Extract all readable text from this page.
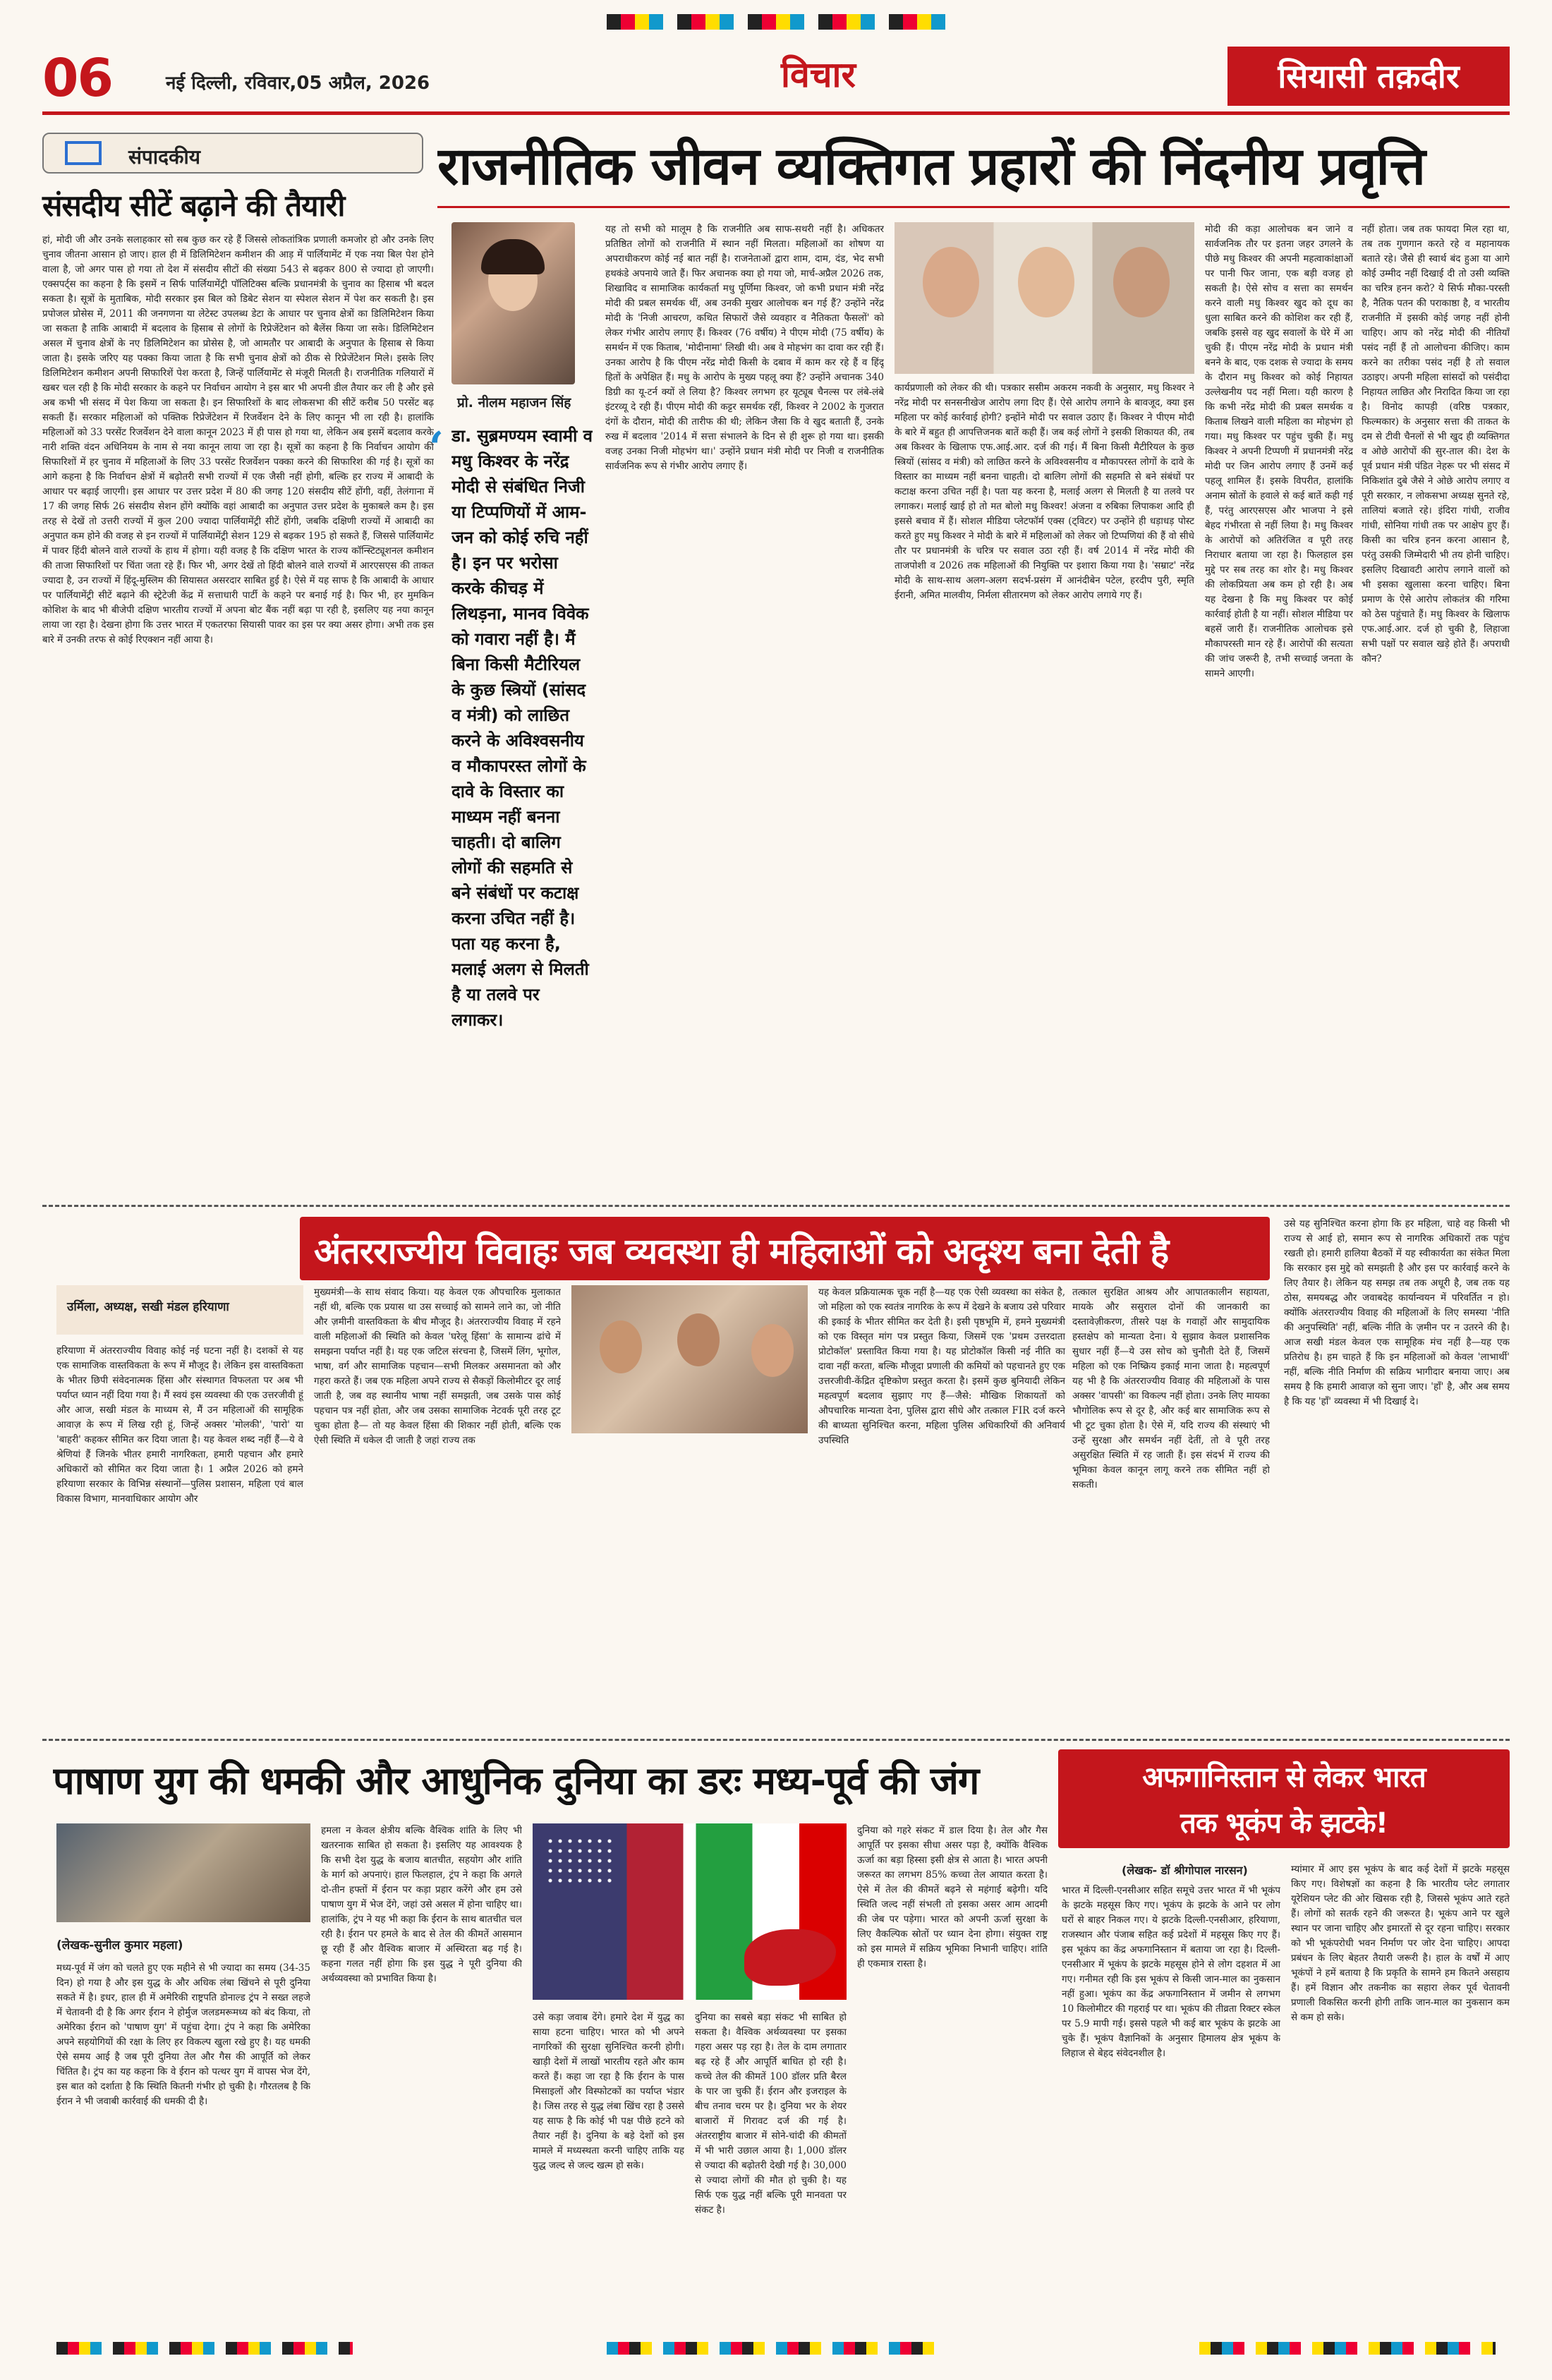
06	नई दिल्ली, रविवार,05 अप्रैल, 2026	विचार	सियासी तक़दीर
संपादकीय
संसदीय सीटें बढ़ाने की तैयारी
हां, मोदी जी और उनके सलाहकार सो सब कुछ कर रहे हैं जिससे लोकतांत्रिक प्रणाली कमजोर हो और उनके लिए चुनाव जीतना आसान हो जाए। हाल ही में डिलिमिटेशन कमीशन की आड़ में पार्लियामेंट में एक नया बिल पेश होने वाला है, जो अगर पास हो गया तो देश में संसदीय सीटों की संख्या 543 से बढ़कर 800 से ज्यादा हो जाएगी। एक्सपर्ट्स का कहना है कि इसमें न सिर्फ पार्लियामेंट्री पॉलिटिक्स बल्कि प्रधानमंत्री के चुनाव का हिसाब भी बदल सकता है। सूत्रों के मुताबिक, मोदी सरकार इस बिल को डिबेट सेशन या स्पेशल सेशन में पेश कर सकती है। इस प्रपोजल प्रोसेस में, 2011 की जनगणना या लेटेस्ट उपलब्ध डेटा के आधार पर चुनाव क्षेत्रों का डिलिमिटेशन किया जा सकता है ताकि आबादी में बदलाव के हिसाब से लोगों के रिप्रेजेंटेशन को बैलेंस किया जा सके। डिलिमिटेशन असल में चुनाव क्षेत्रों के नए डिलिमिटेशन का प्रोसेस है, जो आमतौर पर आबादी के अनुपात के हिसाब से किया जाता है। इसके जरिए यह पक्का किया जाता है कि सभी चुनाव क्षेत्रों को ठीक से रिप्रेजेंटेशन मिले। इसके लिए डिलिमिटेशन कमीशन अपनी सिफारिशें पेश करता है, जिन्हें पार्लियामेंट से मंजूरी मिलती है। राजनीतिक गलियारों में खबर चल रही है कि मोदी सरकार के कहने पर निर्वाचन आयोग ने इस बार भी अपनी डील तैयार कर ली है और इसे अब कभी भी संसद में पेश किया जा सकता है। इन सिफारिशों के बाद लोकसभा की सीटें करीब 50 परसेंट बढ़ सकती हैं। सरकार महिलाओं को पक्तिक रिप्रेजेंटेशन में रिजर्वेशन देने के लिए कानून भी ला रही है। हालांकि महिलाओं को 33 परसेंट रिजर्वेशन देने वाला कानून 2023 में ही पास हो गया था, लेकिन अब इसमें बदलाव करके नारी शक्ति वंदन अधिनियम के नाम से नया कानून लाया जा रहा है। सूत्रों का कहना है कि निर्वाचन आयोग की सिफारिशों में हर चुनाव में महिलाओं के लिए 33 परसेंट रिजर्वेशन पक्का करने की सिफारिश की गई है। सूत्रों का आगे कहना है कि निर्वाचन क्षेत्रों में बढ़ोतरी सभी राज्यों में एक जैसी नहीं होगी, बल्कि हर राज्य में आबादी के आधार पर बढ़ाई जाएगी। इस आधार पर उत्तर प्रदेश में 80 की जगह 120 संसदीय सीटें होंगी, वहीं, तेलंगाना में 17 की जगह सिर्फ 26 संसदीय सेशन होंगे क्योंकि वहां आबादी का अनुपात उत्तर प्रदेश के मुकाबले कम है। इस तरह से देखें तो उत्तरी राज्यों में कुल 200 ज्यादा पार्लियामेंट्री सीटें होंगी, जबकि दक्षिणी राज्यों में आबादी का अनुपात कम होने की वजह से इन राज्यों में पार्लियामेंट्री सेशन 129 से बढ़कर 195 हो सकते हैं, जिससे पार्लियामेंट में पावर हिंदी बोलने वाले राज्यों के हाथ में होगा। यही वजह है कि दक्षिण भारत के राज्य कॉन्स्टिट्यूशनल कमीशन की ताजा सिफारिशों पर चिंता जता रहे हैं। फिर भी, अगर देखें तो हिंदी बोलने वाले राज्यों में आरएसएस की ताकत ज्यादा है, उन राज्यों में हिंदू-मुस्लिम की सियासत असरदार साबित हुई है। ऐसे में यह साफ है कि आबादी के आधार पर पार्लियामेंट्री सीटें बढ़ाने की स्ट्रेटेजी केंद्र में सत्ताधारी पार्टी के कहने पर बनाई गई है। फिर भी, हर मुमकिन कोशिश के बाद भी बीजेपी दक्षिण भारतीय राज्यों में अपना बोट बैंक नहीं बढ़ा पा रही है, इसलिए यह नया कानून लाया जा रहा है। देखना होगा कि उत्तर भारत में एकतरफा सियासी पावर का इस पर क्या असर होगा। अभी तक इस बारे में उनकी तरफ से कोई रिएक्शन नहीं आया है।
राजनीतिक जीवन व्यक्तिगत प्रहारों की निंदनीय प्रवृत्ति
प्रो. नीलम महाजन सिंह
‘ डा. सुब्रमण्यम स्वामी व मधु किश्वर के नरेंद्र मोदी से संबंधित निजी या टिप्पणियों में आम-जन को कोई रुचि नहीं है। इन पर भरोसा करके कीचड़ में लिथड़ना, मानव विवेक को गवारा नहीं है। मैं बिना किसी मैटीरियल के कुछ स्त्रियों (सांसद व मंत्री) को लाछित करने के अविश्वसनीय व मौकापरस्त लोगों के दावे के विस्तार का माध्यम नहीं बनना चाहती। दो बालिग लोगों की सहमति से बने संबंधों पर कटाक्ष करना उचित नहीं है। पता यह करना है, मलाई अलग से मिलती है या तलवे पर लगाकर।
यह तो सभी को मालूम है कि राजनीति अब साफ-सथरी नहीं है। अधिकतर प्रतिष्ठित लोगों को राजनीति में स्थान नहीं मिलता। महिलाओं का शोषण या अपराधीकरण कोई नई बात नहीं है। राजनेताओं द्वारा शाम, दाम, दंड, भेद सभी हथकंडे अपनाये जाते हैं। फिर अचानक क्या हो गया जो, मार्च-अप्रैल 2026 तक, शिखाविद व सामाजिक कार्यकर्ता मधु पूर्णिमा किश्वर, जो कभी प्रधान मंत्री नरेंद्र मोदी की प्रबल समर्थक थीं, अब उनकी मुखर आलोचक बन गई हैं? उन्होंने नरेंद्र मोदी के 'निजी आचरण, कथित सिफारों जैसे व्यवहार व नैतिकता फैसलों' को लेकर गंभीर आरोप लगाए हैं। किश्वर (76 वर्षीय) ने पीएम मोदी (75 वर्षीय) के समर्थन में एक किताब, 'मोदीनामा' लिखी थी। अब वे मोहभंग का दावा कर रही हैं। उनका आरोप है कि पीएम नरेंद्र मोदी किसी के दबाव में काम कर रहे हैं व हिंदू हितों के अपेक्षित हैं। मधु के आरोप के मुख्य पहलू क्या हैं? उन्होंने अचानक 340 डिग्री का यू-टर्न क्यों ले लिया है? किश्वर लगभग हर यूट्यूब चैनल्स पर लंबे-लंबे इंटरव्यू दे रही हैं। पीएम मोदी की कट्टर समर्थक रहीं, किश्वर ने 2002 के गुजरात दंगों के दौरान, मोदी की तारीफ की थी; लेकिन जैसा कि वे खुद बताती हैं, उनके रुख में बदलाव '2014 में सत्ता संभालने के दिन से ही शुरू हो गया था। इसकी वजह उनका निजी मोहभंग था।' उन्होंने प्रधान मंत्री मोदी पर निजी व राजनीतिक सार्वजनिक रूप से गंभीर आरोप लगाए हैं।
कार्यप्रणाली को लेकर की थी। पत्रकार ससीम अकरम नकवी के अनुसार, मधु किश्वर ने नरेंद्र मोदी पर सनसनीखेज आरोप लगा दिए हैं। ऐसे आरोप लगाने के बावजूद, क्या इस महिला पर कोई कार्रवाई होगी? इन्होंने मोदी पर सवाल उठाए हैं। किश्वर ने पीएम मोदी के बारे में बहुत ही आपत्तिजनक बातें कही हैं। जब कई लोगों ने इसकी शिकायत की, तब अब किश्वर के खिलाफ एफ.आई.आर. दर्ज की गई। मैं बिना किसी मैटीरियल के कुछ स्त्रियों (सांसद व मंत्री) को लाछित करने के अविश्वसनीय व मौकापरस्त लोगों के दावे के विस्तार का माध्यम नहीं बनना चाहती। दो बालिग लोगों की सहमति से बने संबंधों पर कटाक्ष करना उचित नहीं है। पता यह करना है, मलाई अलग से मिलती है या तलवे पर लगाकर। मलाई खाई हो तो मत बोलो मधु किश्वर! अंजना व रुबिका लिपाकश आदि ही इससे बचाव में हैं। सोशल मीडिया प्लेटफॉर्म एक्स (ट्विटर) पर उन्होंने ही धड़ाधड़ पोस्ट करते हुए मधु किश्वर ने मोदी के बारे में महिलाओं को लेकर जो टिप्पणियां की हैं वो सीधे तौर पर प्रधानमंत्री के चरित्र पर सवाल उठा रही हैं। वर्ष 2014 में नरेंद्र मोदी की ताजपोशी व 2026 तक महिलाओं की नियुक्ति पर इशारा किया गया है। 'सम्राट' नरेंद्र मोदी के साथ-साथ अलग-अलग सदर्भ-प्रसंग में आनंदीबेन पटेल, हरदीप पुरी, स्मृति ईरानी, अमित मालवीय, निर्मला सीतारमण को लेकर आरोप लगाये गए हैं।
मोदी की कड़ा आलोचक बन जाने व सार्वजनिक तौर पर इतना जहर उगलने के पीछे मधु किश्वर की अपनी महत्वाकांक्षाओं पर पानी फिर जाना, एक बड़ी वजह हो सकती है। ऐसे सोच व सत्ता का समर्थन करने वाली मधु किश्वर खुद को दूध का धुला साबित करने की कोशिश कर रही हैं, जबकि इससे वह खुद सवालों के घेरे में आ चुकी हैं। पीएम नरेंद्र मोदी के प्रधान मंत्री बनने के बाद, एक दशक से ज्यादा के समय के दौरान मधु किश्वर को कोई निहायत उल्लेखनीय पद नहीं मिला। यही कारण है कि कभी नरेंद्र मोदी की प्रबल समर्थक व किताब लिखने वाली महिला का मोहभंग हो गया। मधु किश्वर पर पहुंच चुकी हैं। मधु किश्वर ने अपनी टिप्पणी में प्रधानमंत्री नरेंद्र मोदी पर जिन आरोप लगाए हैं उनमें कई पहलू शामिल हैं। इसके विपरीत, हालांकि अनाम स्रोतों के हवाले से कई बातें कही गई हैं, परंतु आरएसएस और भाजपा ने इसे बेहद गंभीरता से नहीं लिया है। मधु किश्वर के आरोपों को अतिरंजित व पूरी तरह निराधार बताया जा रहा है। फिलहाल इस मुद्दे पर सब तरह का शोर है। मधु किश्वर की लोकप्रियता अब कम हो रही है। अब यह देखना है कि मधु किश्वर पर कोई कार्रवाई होती है या नहीं। सोशल मीडिया पर बहसें जारी हैं। राजनीतिक आलोचक इसे मौकापरस्ती मान रहे हैं। आरोपों की सत्यता की जांच जरूरी है, तभी सच्चाई जनता के सामने आएगी।
नहीं होता। जब तक फायदा मिल रहा था, तब तक गुणगान करते रहे व महानायक बताते रहे। जैसे ही स्वार्थ बंद हुआ या आगे कोई उम्मीद नहीं दिखाई दी तो उसी व्यक्ति का चरित्र हनन करो? ये सिर्फ मौका-परस्ती है, नैतिक पतन की पराकाष्ठा है, व भारतीय राजनीति में इसकी कोई जगह नहीं होनी चाहिए। आप को नरेंद्र मोदी की नीतियाँ पसंद नहीं हैं तो आलोचना कीजिए। काम करने का तरीका पसंद नहीं है तो सवाल उठाइए। अपनी महिला सांसदों को पसंदीदा निहायत लाछित और निरादित किया जा रहा है। विनोद कापड़ी (वरिष्ठ पत्रकार, फिल्मकार) के अनुसार सत्ता की ताकत के दम से टीवी चैनलों से भी खुद ही व्यक्तिगत व ओछे आरोपों की सुर-ताल की। देश के पूर्व प्रधान मंत्री पंडित नेहरू पर भी संसद में निकिशांत दुबे जैसे ने ओछे आरोप लगाए व पूरी सरकार, न लोकसभा अध्यक्ष सुनते रहे, तालियां बजाते रहे। इंदिरा गांधी, राजीव गांधी, सोनिया गांधी तक पर आक्षेप हुए हैं। किसी का चरित्र हनन करना आसान है, परंतु उसकी जिम्मेदारी भी तय होनी चाहिए। इसलिए दिखावटी आरोप लगाने वालों को भी इसका खुलासा करना चाहिए। बिना प्रमाण के ऐसे आरोप लोकतंत्र की गरिमा को ठेस पहुंचाते हैं। मधु किश्वर के खिलाफ एफ.आई.आर. दर्ज हो चुकी है, लिहाजा सभी पक्षों पर सवाल खड़े होते हैं। अपराधी कौन?
अंतरराज्यीय विवाहः जब व्यवस्था ही महिलाओं को अदृश्य बना देती है
उर्मिला, अध्यक्ष, सखी मंडल हरियाणा
हरियाणा में अंतरराज्यीय विवाह कोई नई घटना नहीं है। दशकों से यह एक सामाजिक वास्तविकता के रूप में मौजूद है। लेकिन इस वास्तविकता के भीतर छिपी संवेदनात्मक हिंसा और संस्थागत विफलता पर अब भी पर्याप्त ध्यान नहीं दिया गया है। मैं स्वयं इस व्यवस्था की एक उत्तरजीवी हूं और आज, सखी मंडल के माध्यम से, मैं उन महिलाओं की सामूहिक आवाज़ के रूप में लिख रही हूं, जिन्हें अक्सर 'मोलकी', 'पारो' या 'बाहरी' कहकर सीमित कर दिया जाता है। यह केवल शब्द नहीं हैं—ये वे श्रेणियां हैं जिनके भीतर हमारी नागरिकता, हमारी पहचान और हमारे अधिकारों को सीमित कर दिया जाता है। 1 अप्रैल 2026 को हमने हरियाणा सरकार के विभिन्न संस्थानों—पुलिस प्रशासन, महिला एवं बाल विकास विभाग, मानवाधिकार आयोग और
मुख्यमंत्री—के साथ संवाद किया। यह केवल एक औपचारिक मुलाकात नहीं थी, बल्कि एक प्रयास था उस सच्चाई को सामने लाने का, जो नीति और ज़मीनी वास्तविकता के बीच मौजूद है। अंतरराज्यीय विवाह में रहने वाली महिलाओं की स्थिति को केवल 'घरेलू हिंसा' के सामान्य ढांचे में समझना पर्याप्त नहीं है। यह एक जटिल संरचना है, जिसमें लिंग, भूगोल, भाषा, वर्ग और सामाजिक पहचान—सभी मिलकर असमानता को और गहरा करते हैं। जब एक महिला अपने राज्य से सैकड़ों किलोमीटर दूर लाई जाती है, जब वह स्थानीय भाषा नहीं समझती, जब उसके पास कोई पहचान पत्र नहीं होता, और जब उसका सामाजिक नेटवर्क पूरी तरह टूट चुका होता है— तो यह केवल हिंसा की शिकार नहीं होती, बल्कि एक ऐसी स्थिति में धकेल दी जाती है जहां राज्य तक
यह केवल प्रक्रियात्मक चूक नहीं है—यह एक ऐसी व्यवस्था का संकेत है, जो महिला को एक स्वतंत्र नागरिक के रूप में देखने के बजाय उसे परिवार की इकाई के भीतर सीमित कर देती है। इसी पृष्ठभूमि में, हमने मुख्यमंत्री को एक विस्तृत मांग पत्र प्रस्तुत किया, जिसमें एक 'प्रथम उत्तरदाता प्रोटोकॉल' प्रस्तावित किया गया है। यह प्रोटोकॉल किसी नई नीति का दावा नहीं करता, बल्कि मौजूदा प्रणाली की कमियों को पहचानते हुए एक उत्तरजीवी-केंद्रित दृष्टिकोण प्रस्तुत करता है। इसमें कुछ बुनियादी लेकिन महत्वपूर्ण बदलाव सुझाए गए हैं—जैसे: मौखिक शिकायतों को औपचारिक मान्यता देना, पुलिस द्वारा सीधे और तत्काल FIR दर्ज करने की बाध्यता सुनिश्चित करना, महिला पुलिस अधिकारियों की अनिवार्य उपस्थिति
तत्काल सुरक्षित आश्रय और आपातकालीन सहायता, मायके और ससुराल दोनों की जानकारी का दस्तावेज़ीकरण, तीसरे पक्ष के गवाहों और सामुदायिक हस्तक्षेप को मान्यता देना। ये सुझाव केवल प्रशासनिक सुधार नहीं हैं—ये उस सोच को चुनौती देते हैं, जिसमें महिला को एक निष्क्रिय इकाई माना जाता है। महत्वपूर्ण यह भी है कि अंतरराज्यीय विवाह की महिलाओं के पास अक्सर 'वापसी' का विकल्प नहीं होता। उनके लिए मायका भौगोलिक रूप से दूर है, और कई बार सामाजिक रूप से भी टूट चुका होता है। ऐसे में, यदि राज्य की संस्थाएं भी उन्हें सुरक्षा और समर्थन नहीं देतीं, तो वे पूरी तरह असुरक्षित स्थिति में रह जाती हैं। इस संदर्भ में राज्य की भूमिका केवल कानून लागू करने तक सीमित नहीं हो सकती।
उसे यह सुनिश्चित करना होगा कि हर महिला, चाहे वह किसी भी राज्य से आई हो, समान रूप से नागरिक अधिकारों तक पहुंच रखती हो। हमारी हालिया बैठकों में यह स्वीकार्यता का संकेत मिला कि सरकार इस मुद्दे को समझती है और इस पर कार्रवाई करने के लिए तैयार है। लेकिन यह समझ तब तक अधूरी है, जब तक यह ठोस, समयबद्ध और जवाबदेह कार्यान्वयन में परिवर्तित न हो। क्योंकि अंतरराज्यीय विवाह की महिलाओं के लिए समस्या 'नीति की अनुपस्थिति' नहीं, बल्कि नीति के ज़मीन पर न उतरने की है। आज सखी मंडल केवल एक सामूहिक मंच नहीं है—यह एक प्रतिरोध है। हम चाहते हैं कि इन महिलाओं को केवल 'लाभार्थी' नहीं, बल्कि नीति निर्माण की सक्रिय भागीदार बनाया जाए। अब समय है कि हमारी आवाज़ को सुना जाए। 'हाँ' है, और अब समय है कि यह 'हाँ' व्यवस्था में भी दिखाई दे।
पाषाण युग की धमकी और आधुनिक दुनिया का डरः मध्य-पूर्व की जंग
(लेखक-सुनील कुमार महला)
मध्य-पूर्व में जंग को चलते हुए एक महीने से भी ज्यादा का समय (34-35 दिन) हो गया है और इस युद्ध के और अधिक लंबा खिंचने से पूरी दुनिया सकते में है। इधर, हाल ही में अमेरिकी राष्ट्रपति डोनाल्ड ट्रंप ने सख्त लहजे में चेतावनी दी है कि अगर ईरान ने होर्मुज जलडमरूमध्य को बंद किया, तो अमेरिका ईरान को 'पाषाण युग' में पहुंचा देगा। ट्रंप ने कहा कि अमेरिका अपने सहयोगियों की रक्षा के लिए हर विकल्प खुला रखे हुए है। यह धमकी ऐसे समय आई है जब पूरी दुनिया तेल और गैस की आपूर्ति को लेकर चिंतित है। ट्रंप का यह कहना कि वे ईरान को पत्थर युग में वापस भेज देंगे, इस बात को दर्शाता है कि स्थिति कितनी गंभीर हो चुकी है। गौरतलब है कि ईरान ने भी जवाबी कार्रवाई की धमकी दी है।
हमला न केवल क्षेत्रीय बल्कि वैश्विक शांति के लिए भी खतरनाक साबित हो सकता है। इसलिए यह आवश्यक है कि सभी देश युद्ध के बजाय बातचीत, सहयोग और शांति के मार्ग को अपनाएं। हाल फिलहाल, ट्रंप ने कहा कि अगले दो-तीन हफ्तों में ईरान पर कड़ा प्रहार करेंगे और हम उसे पाषाण युग में भेज देंगे, जहां उसे असल में होना चाहिए था। हालांकि, ट्रंप ने यह भी कहा कि ईरान के साथ बातचीत चल रही है। ईरान पर हमले के बाद से तेल की कीमतें आसमान छू रही हैं और वैश्विक बाजार में अस्थिरता बढ़ गई है। कहना गलत नहीं होगा कि इस युद्ध ने पूरी दुनिया की अर्थव्यवस्था को प्रभावित किया है।
उसे कड़ा जवाब देंगे। हमारे देश में युद्ध का साया हटना चाहिए। भारत को भी अपने नागरिकों की सुरक्षा सुनिश्चित करनी होगी। खाड़ी देशों में लाखों भारतीय रहते और काम करते हैं। कहा जा रहा है कि ईरान के पास मिसाइलों और विस्फोटकों का पर्याप्त भंडार है। जिस तरह से युद्ध लंबा खिंच रहा है उससे यह साफ है कि कोई भी पक्ष पीछे हटने को तैयार नहीं है। दुनिया के बड़े देशों को इस मामले में मध्यस्थता करनी चाहिए ताकि यह युद्ध जल्द से जल्द खत्म हो सके।
दुनिया का सबसे बड़ा संकट भी साबित हो सकता है। वैश्विक अर्थव्यवस्था पर इसका गहरा असर पड़ रहा है। तेल के दाम लगातार बढ़ रहे हैं और आपूर्ति बाधित हो रही है। कच्चे तेल की कीमतें 100 डॉलर प्रति बैरल के पार जा चुकी हैं। ईरान और इजराइल के बीच तनाव चरम पर है। दुनिया भर के शेयर बाजारों में गिरावट दर्ज की गई है। अंतरराष्ट्रीय बाजार में सोने-चांदी की कीमतों में भी भारी उछाल आया है। 1,000 डॉलर से ज्यादा की बढ़ोतरी देखी गई है। 30,000 से ज्यादा लोगों की मौत हो चुकी है। यह सिर्फ एक युद्ध नहीं बल्कि पूरी मानवता पर संकट है।
दुनिया को गहरे संकट में डाल दिया है। तेल और गैस आपूर्ति पर इसका सीधा असर पड़ा है, क्योंकि वैश्विक ऊर्जा का बड़ा हिस्सा इसी क्षेत्र से आता है। भारत अपनी जरूरत का लगभग 85% कच्चा तेल आयात करता है। ऐसे में तेल की कीमतें बढ़ने से महंगाई बढ़ेगी। यदि स्थिति जल्द नहीं संभली तो इसका असर आम आदमी की जेब पर पड़ेगा। भारत को अपनी ऊर्जा सुरक्षा के लिए वैकल्पिक स्रोतों पर ध्यान देना होगा। संयुक्त राष्ट्र को इस मामले में सक्रिय भूमिका निभानी चाहिए। शांति ही एकमात्र रास्ता है।
अफगानिस्तान से लेकर भारत
तक भूकंप के झटके!
(लेखक- डॉ श्रीगोपाल नारसन)
भारत में दिल्ली-एनसीआर सहित समूचे उत्तर भारत में भी भूकंप के झटके महसूस किए गए। भूकंप के झटके के आने पर लोग घरों से बाहर निकल गए। ये झटके दिल्ली-एनसीआर, हरियाणा, राजस्थान और पंजाब सहित कई प्रदेशों में महसूस किए गए हैं। इस भूकंप का केंद्र अफगानिस्तान में बताया जा रहा है। दिल्ली-एनसीआर में भूकंप के झटके महसूस होने से लोग दहशत में आ गए। गनीमत रही कि इस भूकंप से किसी जान-माल का नुकसान नहीं हुआ। भूकंप का केंद्र अफगानिस्तान में जमीन से लगभग 10 किलोमीटर की गहराई पर था। भूकंप की तीव्रता रिक्टर स्केल पर 5.9 मापी गई। इससे पहले भी कई बार भूकंप के झटके आ चुके हैं। भूकंप वैज्ञानिकों के अनुसार हिमालय क्षेत्र भूकंप के लिहाज से बेहद संवेदनशील है।
म्यांमार में आए इस भूकंप के बाद कई देशों में झटके महसूस किए गए। विशेषज्ञों का कहना है कि भारतीय प्लेट लगातार यूरेशियन प्लेट की ओर खिसक रही है, जिससे भूकंप आते रहते हैं। लोगों को सतर्क रहने की जरूरत है। भूकंप आने पर खुले स्थान पर जाना चाहिए और इमारतों से दूर रहना चाहिए। सरकार को भी भूकंपरोधी भवन निर्माण पर जोर देना चाहिए। आपदा प्रबंधन के लिए बेहतर तैयारी जरूरी है। हाल के वर्षों में आए भूकंपों ने हमें बताया है कि प्रकृति के सामने हम कितने असहाय हैं। हमें विज्ञान और तकनीक का सहारा लेकर पूर्व चेतावनी प्रणाली विकसित करनी होगी ताकि जान-माल का नुकसान कम से कम हो सके।
